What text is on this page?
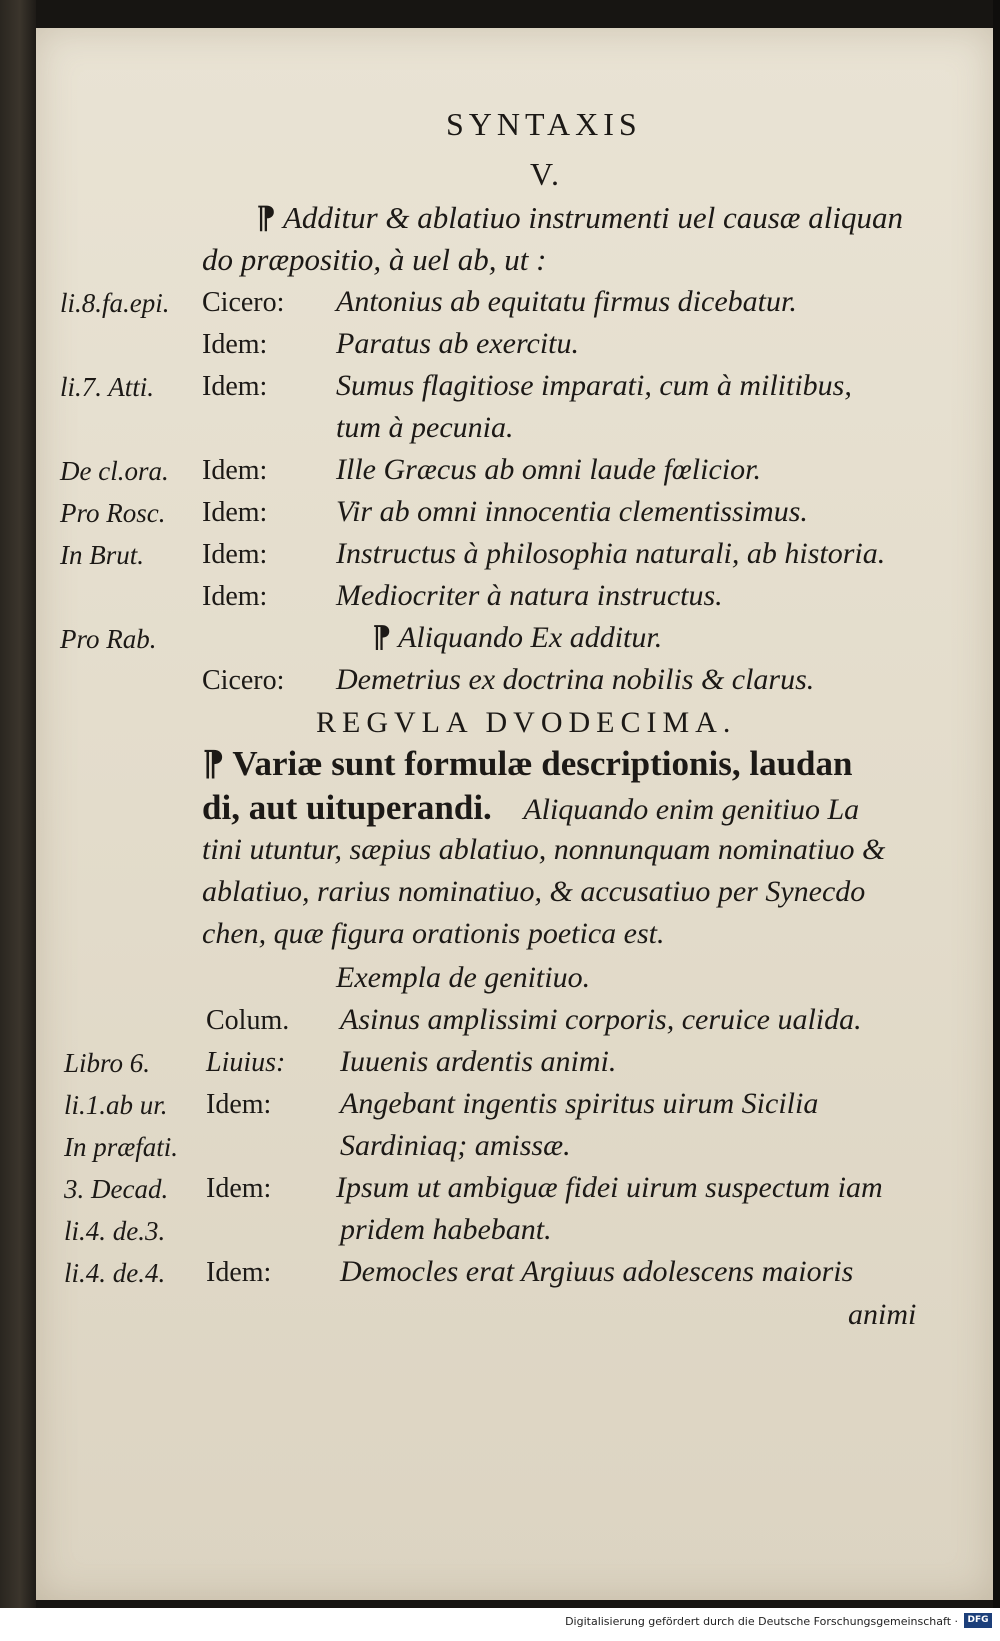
SYNTAXIS
V.
⁋ Additur & ablatiuo instrumenti uel causæ aliquan
do præpositio, à uel ab, ut :
li.8.fa.epi. Cicero: Antonius ab equitatu firmus dicebatur.
Idem: Paratus ab exercitu.
li.7. Atti. Idem: Sumus flagitiose imparati, cum à militibus,
tum à pecunia.
De cl.ora. Idem: Ille Græcus ab omni laude fœlicior.
Pro Rosc. Idem: Vir ab omni innocentia clementissimus.
In Brut. Idem: Instructus à philosophia naturali, ab historia.
Idem: Mediocriter à natura instructus.
Pro Rab.	⁋ Aliquando Ex additur.
Cicero: Demetrius ex doctrina nobilis & clarus.
REGVLA DVODECIMA.
⁋ Variæ sunt formulæ descriptionis, laudan
di, aut uituperandi. Aliquando enim genitiuo La
tini utuntur, sæpius ablatiuo, nonnunquam nominatiuo &
ablatiuo, rarius nominatiuo, & accusatiuo per Synecdo
chen, quæ figura orationis poetica est.
Exempla de genitiuo.
Colum. Asinus amplissimi corporis, ceruice ualida.
Libro 6. Liuius: Iuuenis ardentis animi.
li.1.ab ur. Idem: Angebant ingentis spiritus uirum Sicilia
In præfati.	Sardiniaq; amissæ.
3. Decad. Idem: Ipsum ut ambiguæ fidei uirum suspectum iam
li.4. de.3.	pridem habebant.
li.4. de.4. Idem: Democles erat Argiuus adolescens maioris
animi
Digitalisierung gefördert durch die Deutsche Forschungsgemeinschaft ·	DFG
